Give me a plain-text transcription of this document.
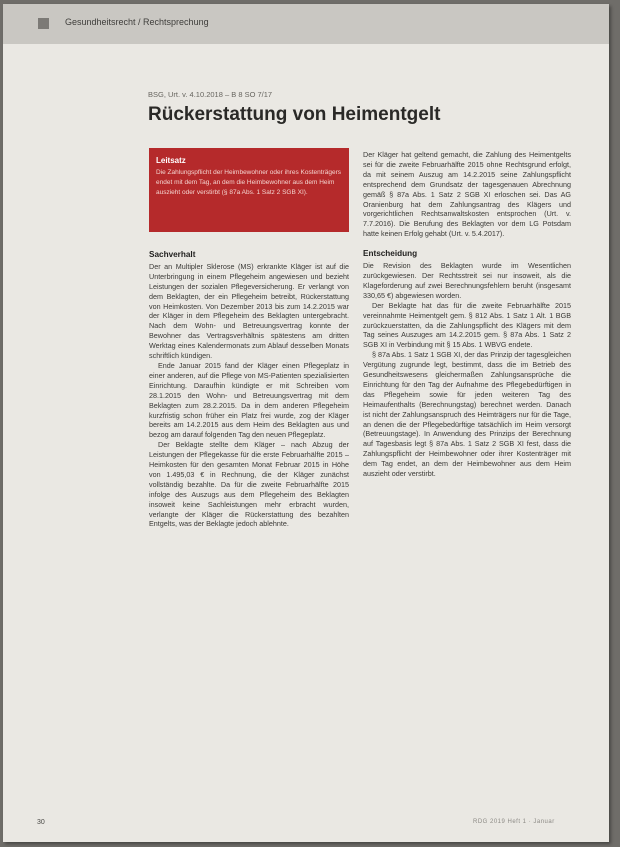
Gesundheitsrecht / Rechtsprechung
BSG, Urt. v. 4.10.2018 – B 8 SO 7/17
Rückerstattung von Heimentgelt
Leitsatz
Die Zahlungspflicht der Heimbewohner oder ihres Kostenträgers endet mit dem Tag, an dem die Heimbewohner aus dem Heim auszieht oder verstirbt (§ 87a Abs. 1 Satz 2 SGB XI).
Sachverhalt

Der an Multipler Sklerose (MS) erkrankte Kläger ist auf die Unterbringung in einem Pflegeheim angewiesen und bezieht Leistungen der sozialen Pflegeversicherung. Er verlangt von dem Beklagten, der ein Pflegeheim betreibt, Rückerstattung von Heimkosten. Von Dezember 2013 bis zum 14.2.2015 war der Kläger in dem Pflegeheim des Beklagten untergebracht. Nach dem Wohn- und Betreuungsvertrag konnte der Bewohner das Vertragsverhältnis spätestens am dritten Werktag eines Kalendermonats zum Ablauf desselben Monats schriftlich kündigen.

Ende Januar 2015 fand der Kläger einen Pflegeplatz in einer anderen, auf die Pflege von MS-Patienten spezialisierten Einrichtung. Daraufhin kündigte er mit Schreiben vom 28.1.2015 den Wohn- und Betreuungsvertrag mit dem Beklagten zum 28.2.2015. Da in dem anderen Pflegeheim kurzfristig schon früher ein Platz frei wurde, zog der Kläger bereits am 14.2.2015 aus dem Heim des Beklagten aus und bezog am darauf folgenden Tag den neuen Pflegeplatz.

Der Beklagte stellte dem Kläger – nach Abzug der Leistungen der Pflegekasse für die erste Februarhälfte 2015 – Heimkosten für den gesamten Monat Februar 2015 in Höhe von 1.495,03 € in Rechnung, die der Kläger zunächst vollständig bezahlte. Da für die zweite Februarhälfte 2015 infolge des Auszugs aus dem Pflegeheim des Beklagten insoweit keine Sachleistungen mehr erbracht wurden, verlangte der Kläger die Rückerstattung des bezahlten Entgelts, was der Beklagte jedoch ablehnte.

Der Kläger hat geltend gemacht, die Zahlung des Heimentgelts sei für die zweite Februarhälfte 2015 ohne Rechtsgrund erfolgt, da mit seinem Auszug am 14.2.2015 seine Zahlungspflicht entsprechend dem Grundsatz der tagesgenauen Abrechnung gemäß § 87a Abs. 1 Satz 2 SGB XI erloschen sei. Das AG Oranienburg hat dem Zahlungsantrag des Klägers und vorgerichtlichen Rechtsanwaltskosten entsprochen (Urt. v. 7.7.2016). Die Berufung des Beklagten vor dem LG Potsdam hatte keinen Erfolg gehabt (Urt. v. 5.4.2017).

Entscheidung

Die Revision des Beklagten wurde im Wesentlichen zurückgewiesen. Der Rechtsstreit sei nur insoweit, als die Klageforderung auf zwei Berechnungsfehlern beruht (insgesamt 330,65 €) abgewiesen worden.

Der Beklagte hat das für die zweite Februarhälfte 2015 vereinnahmte Heimentgelt gem. § 812 Abs. 1 Satz 1 Alt. 1 BGB zurückzuerstatten, da die Zahlungspflicht des Klägers mit dem Tag seines Auszuges am 14.2.2015 gem. § 87a Abs. 1 Satz 2 SGB XI in Verbindung mit § 15 Abs. 1 WBVG endete.

§ 87a Abs. 1 Satz 1 SGB XI, der das Prinzip der tagesgleichen Vergütung zugrunde legt, bestimmt, dass die im Betrieb des Gesundheitswesens gleichermaßen Zahlungsansprüche die Einrichtung für den Tag der Aufnahme des Pflegebedürftigen in das Pflegeheim sowie für jeden weiteren Tag des Heimaufenthalts (Berechnungstag) berechnet werden. Danach ist nicht der Zahlungsanspruch des Heimträgers nur für die Tage, an denen die der Pflegebedürftige tatsächlich im Heim versorgt (Betreuungstage). In Anwendung des Prinzips der Berechnung auf Tagesbasis legt § 87a Abs. 1 Satz 2 SGB XI fest, dass die Zahlungspflicht der Heimbewohner oder ihrer Kostenträger mit dem Tag endet, an dem der Heimbewohner aus dem Heim auszieht oder verstirbt.

30	RDG 2019 Heft 1 · Januar
